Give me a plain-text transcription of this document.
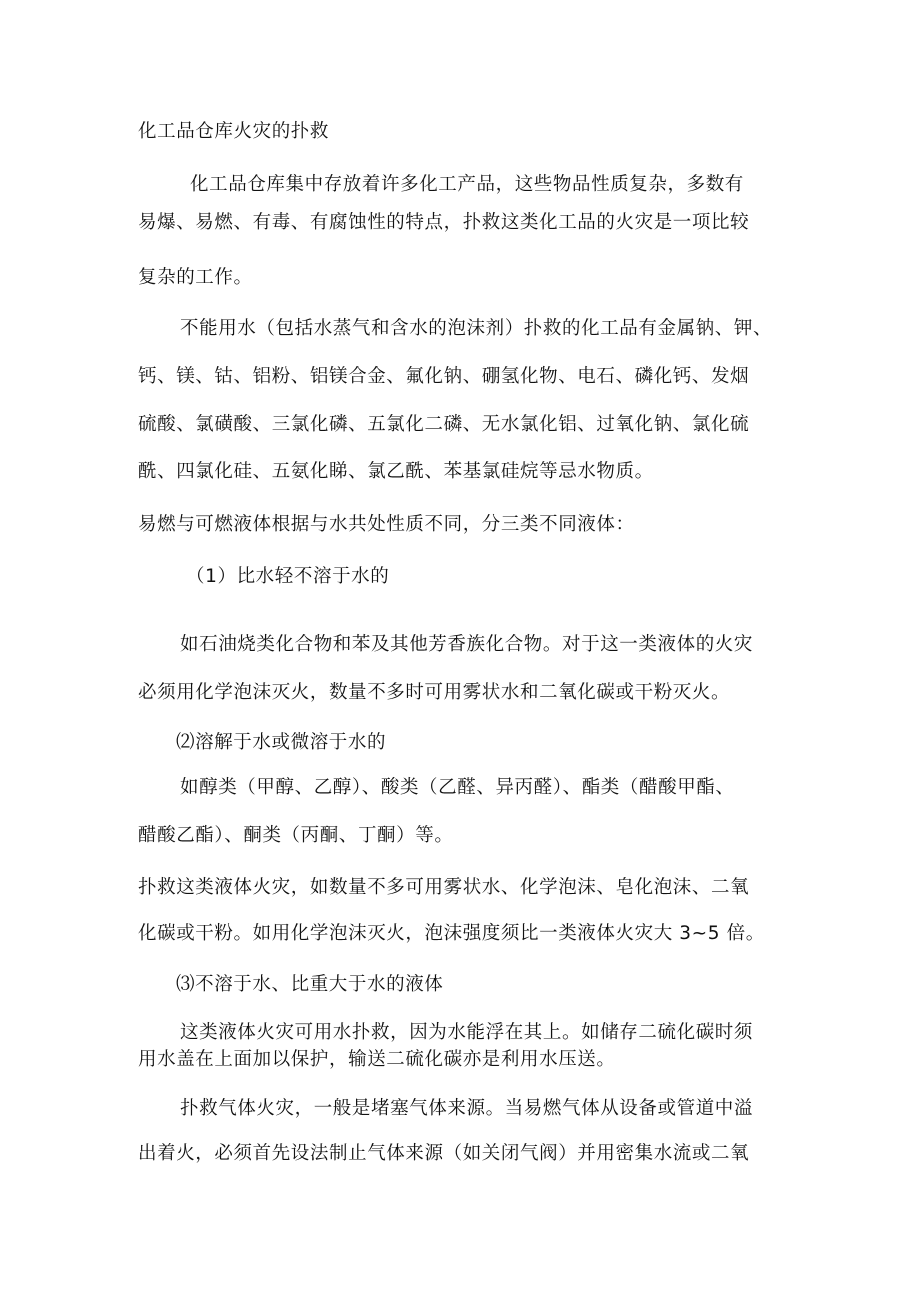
化工品仓库火灾的扑救
化工品仓库集中存放着许多化工产品，这些物品性质复杂，多数有
易爆、易燃、有毒、有腐蚀性的特点，扑救这类化工品的火灾是一项比较
复杂的工作。
不能用水（包括水蒸气和含水的泡沫剂）扑救的化工品有金属钠、钾、
钙、镁、钴、铝粉、铝镁合金、氟化钠、硼氢化物、电石、磷化钙、发烟
硫酸、氯磺酸、三氯化磷、五氯化二磷、无水氯化铝、过氧化钠、氯化硫
酰、四氯化硅、五氨化睇、氯乙酰、苯基氯硅烷等忌水物质。
易燃与可燃液体根据与水共处性质不同，分三类不同液体：
（1）比水轻不溶于水的
如石油烧类化合物和苯及其他芳香族化合物。对于这一类液体的火灾
必须用化学泡沫灭火，数量不多时可用雾状水和二氧化碳或干粉灭火。
⑵溶解于水或微溶于水的
如醇类（甲醇、乙醇）、酸类（乙醛、异丙醛）、酯类（醋酸甲酯、
醋酸乙酯）、酮类（丙酮、丁酮）等。
扑救这类液体火灾，如数量不多可用雾状水、化学泡沫、皂化泡沫、二氧
化碳或干粉。如用化学泡沫灭火，泡沫强度须比一类液体火灾大 3~5 倍。
⑶不溶于水、比重大于水的液体
这类液体火灾可用水扑救，因为水能浮在其上。如储存二硫化碳时须
用水盖在上面加以保护，输送二硫化碳亦是利用水压送。
扑救气体火灾，一般是堵塞气体来源。当易燃气体从设备或管道中溢
出着火，必须首先设法制止气体来源（如关闭气阀）并用密集水流或二氧
